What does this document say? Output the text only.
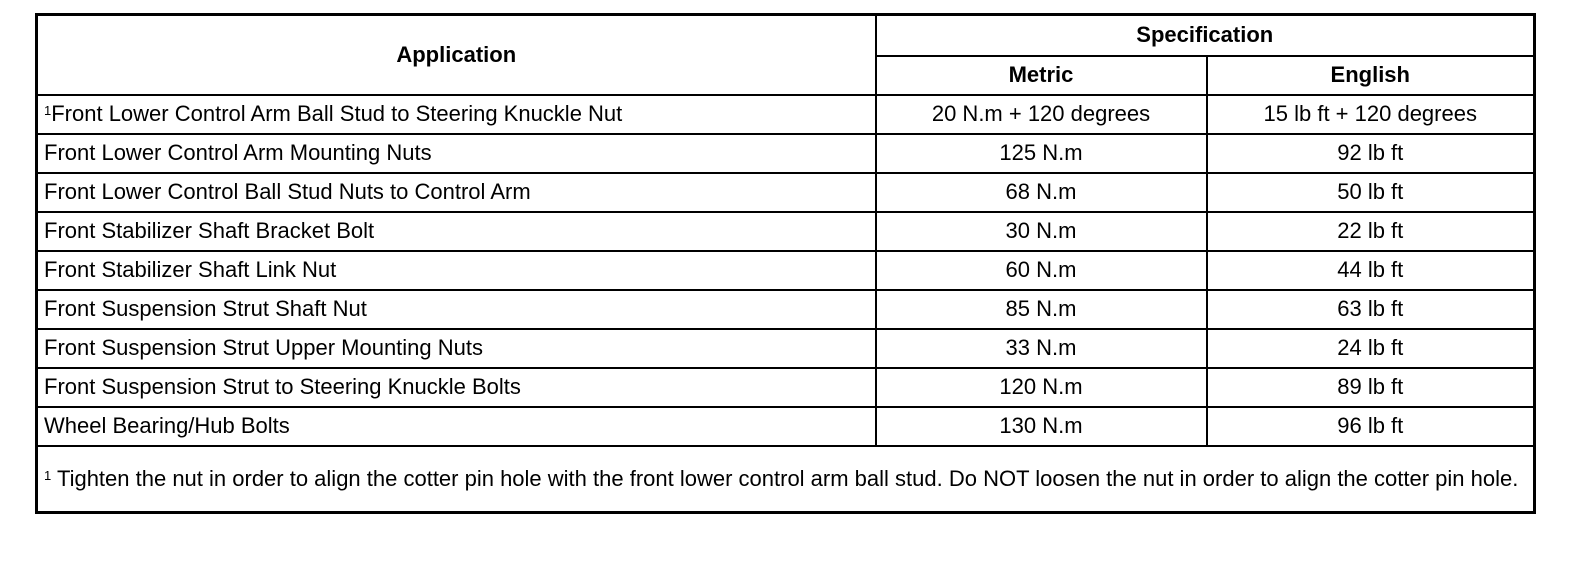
Application	Specification	
	Metric	English
$^1$Front Lower Control Arm Ball Stud to Steering Knuckle Nut	20 N.m + 120 degrees	15 lb ft + 120 degrees
Front Lower Control Arm Mounting Nuts	125 N.m	92 lb ft
Front Lower Control Ball Stud Nuts to Control Arm	68 N.m	50 lb ft
Front Stabilizer Shaft Bracket Bolt	30 N.m	22 lb ft
Front Stabilizer Shaft Link Nut	60 N.m	44 lb ft
Front Suspension Strut Shaft Nut	85 N.m	63 lb ft
Front Suspension Strut Upper Mounting Nuts	33 N.m	24 lb ft
Front Suspension Strut to Steering Knuckle Bolts	120 N.m	89 lb ft
Wheel Bearing/Hub Bolts	130 N.m	96 lb ft
$^1$ Tighten the nut in order to align the cotter pin hole with the front lower control arm ball stud. Do NOT loosen the nut in order to align the cotter pin hole.		
